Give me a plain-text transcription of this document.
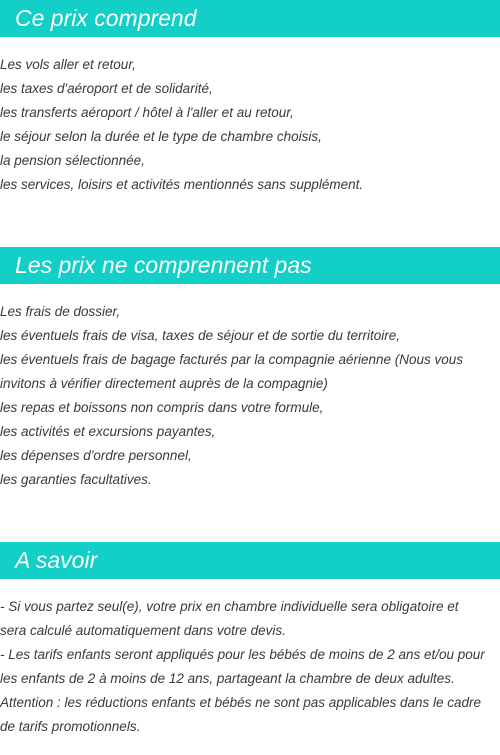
Ce prix comprend
Les vols aller et retour,
les taxes d'aéroport et de solidarité,
les transferts aéroport / hôtel à l'aller et au retour,
le séjour selon la durée et le type de chambre choisis,
la pension sélectionnée,
les services, loisirs et activités mentionnés sans supplément.
Les prix ne comprennent pas
Les frais de dossier,
les éventuels frais de visa, taxes de séjour et de sortie du territoire,
les éventuels frais de bagage facturés par la compagnie aérienne (Nous vous
invitons à vérifier directement auprès de la compagnie)
les repas et boissons non compris dans votre formule,
les activités et excursions payantes,
les dépenses d'ordre personnel,
les garanties facultatives.
A savoir
- Si vous partez seul(e), votre prix en chambre individuelle sera obligatoire et
sera calculé automatiquement dans votre devis.
- Les tarifs enfants seront appliqués pour les bébés de moins de 2 ans et/ou pour
les enfants de 2 à moins de 12 ans, partageant la chambre de deux adultes.
Attention : les réductions enfants et bébés ne sont pas applicables dans le cadre
de tarifs promotionnels.
